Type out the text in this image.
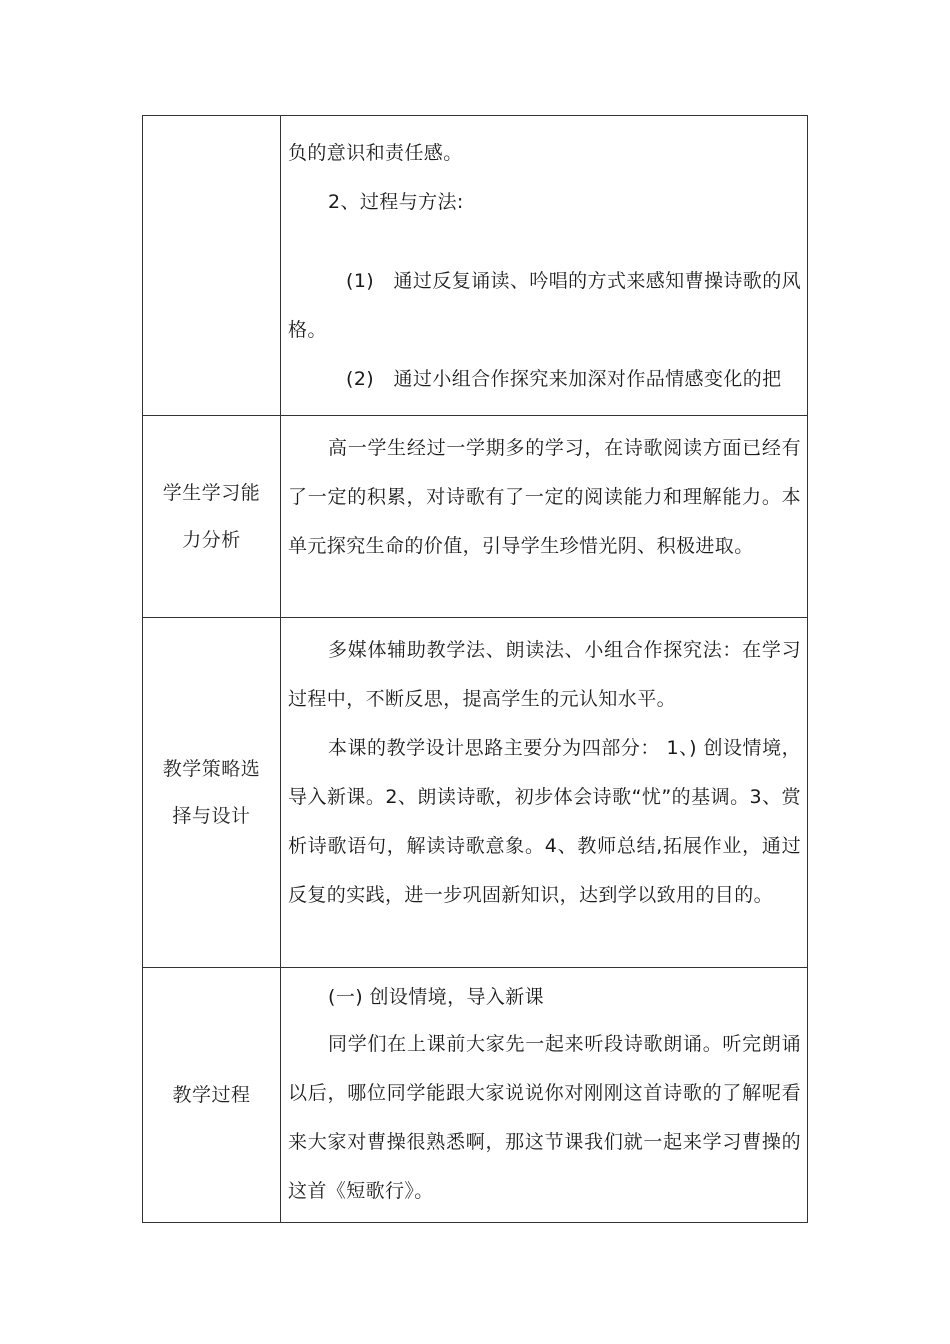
	负的意识和责任感。

2、过程与方法:

(1)　通过反复诵读、吟唱的方式来感知曹操诗歌的风格。

(2)　通过小组合作探究来加深对作品情感变化的把

学生学习能力分析	高一学生经过一学期多的学习，在诗歌阅读方面已经有了一定的积累，对诗歌有了一定的阅读能力和理解能力。本单元探究生命的价值，引导学生珍惜光阴、积极进取。

教学策略选择与设计	多媒体辅助教学法、朗读法、小组合作探究法：在学习过程中，不断反思，提高学生的元认知水平。

本课的教学设计思路主要分为四部分： 1、) 创设情境，导入新课。2、朗读诗歌，初步体会诗歌“忧”的基调。3、赏析诗歌语句，解读诗歌意象。4、教师总结,拓展作业，通过反复的实践，进一步巩固新知识，达到学以致用的目的。

教学过程	(一) 创设情境，导入新课

同学们在上课前大家先一起来听段诗歌朗诵。听完朗诵以后，哪位同学能跟大家说说你对刚刚这首诗歌的了解呢看来大家对曹操很熟悉啊，那这节课我们就一起来学习曹操的这首《短歌行》。
